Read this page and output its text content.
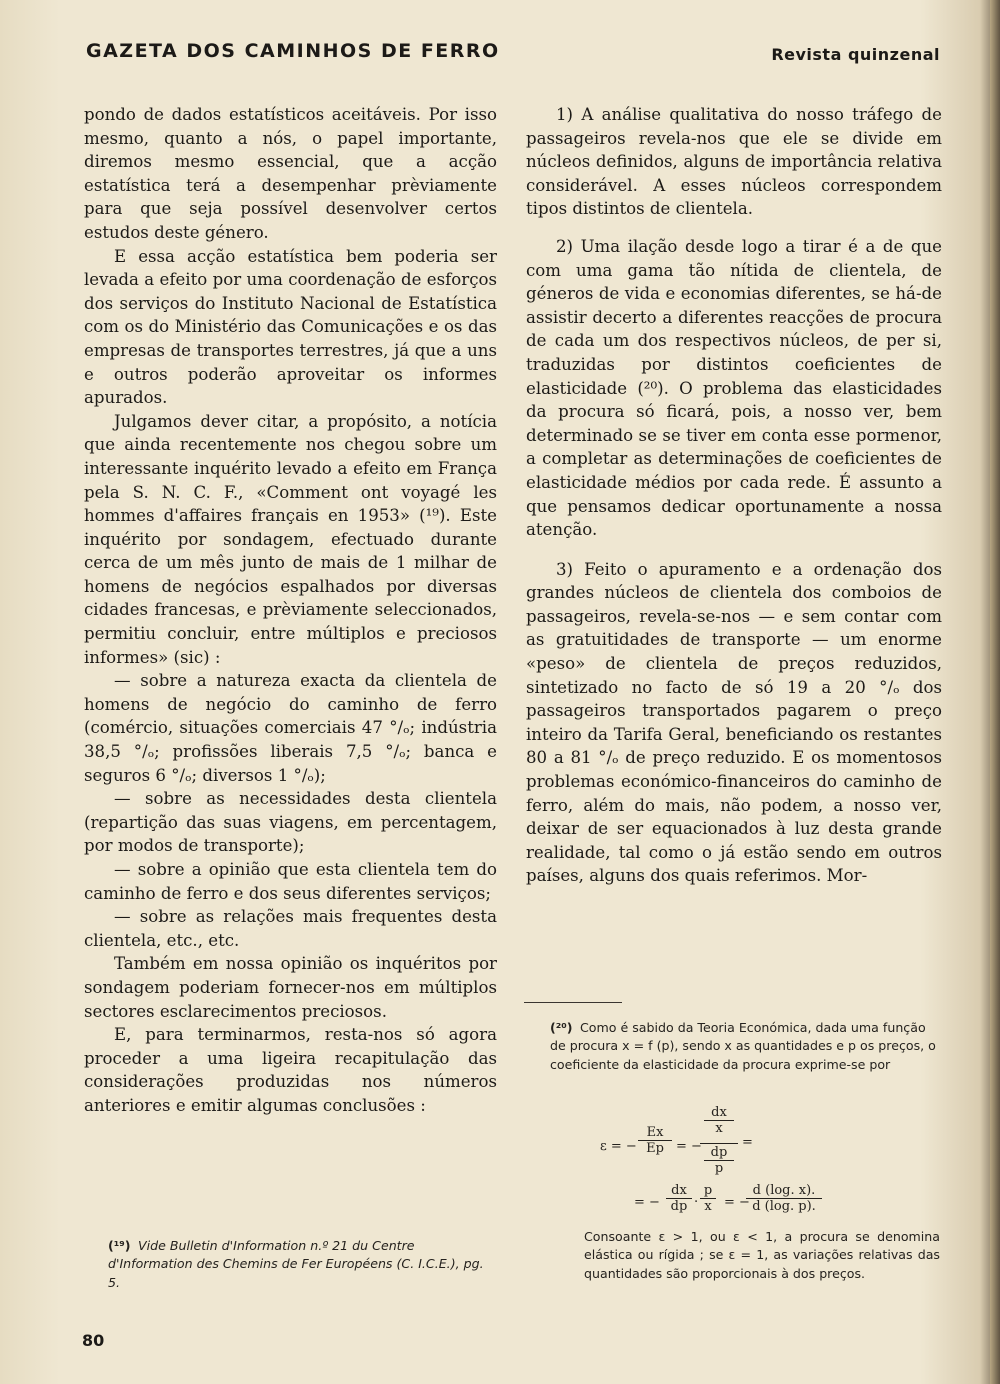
GAZETA DOS CAMINHOS DE FERRO	Revista quinzenal

pondo de dados estatísticos aceitáveis. Por isso mesmo, quanto a nós, o papel importante, diremos mesmo essencial, que a acção estatística terá a desempenhar prèviamente para que seja possível desenvolver certos estudos deste género.

E essa acção estatística bem poderia ser levada a efeito por uma coordenação de esforços dos serviços do Instituto Nacional de Estatística com os do Ministério das Comunicações e os das empresas de transportes terrestres, já que a uns e outros poderão aproveitar os informes apurados.

Julgamos dever citar, a propósito, a notícia que ainda recentemente nos chegou sobre um interessante inquérito levado a efeito em França pela S. N. C. F., «Comment ont voyagé les hommes d'affaires français en 1953» (¹⁹). Este inquérito por sondagem, efectuado durante cerca de um mês junto de mais de 1 milhar de homens de negócios espalhados por diversas cidades francesas, e prèviamente seleccionados, permitiu concluir, entre múltiplos e preciosos informes» (sic) :

— sobre a natureza exacta da clientela de homens de negócio do caminho de ferro (comércio, situações comerciais 47 °/ₒ; indústria 38,5 °/ₒ; profissões liberais 7,5 °/ₒ; banca e seguros 6 °/ₒ; diversos 1 °/ₒ);

— sobre as necessidades desta clientela (repartição das suas viagens, em percentagem, por modos de transporte);

— sobre a opinião que esta clientela tem do caminho de ferro e dos seus diferentes serviços;

— sobre as relações mais frequentes desta clientela, etc., etc.

Também em nossa opinião os inquéritos por sondagem poderiam fornecer-nos em múltiplos sectores esclarecimentos preciosos.

E, para terminarmos, resta-nos só agora proceder a uma ligeira recapitulação das considerações produzidas nos números anteriores e emitir algumas conclusões :

1) A análise qualitativa do nosso tráfego de passageiros revela-nos que ele se divide em núcleos definidos, alguns de importância relativa considerável. A esses núcleos correspondem tipos distintos de clientela.

2) Uma ilação desde logo a tirar é a de que com uma gama tão nítida de clientela, de géneros de vida e economias diferentes, se há-de assistir decerto a diferentes reacções de procura de cada um dos respectivos núcleos, de per si, traduzidas por distintos coeficientes de elasticidade (²⁰). O problema das elasticidades da procura só ficará, pois, a nosso ver, bem determinado se se tiver em conta esse pormenor, a completar as determinações de coeficientes de elasticidade médios por cada rede. É assunto a que pensamos dedicar oportunamente a nossa atenção.

3) Feito o apuramento e a ordenação dos grandes núcleos de clientela dos comboios de passageiros, revela-se-nos — e sem contar com as gratuitidades de transporte — um enorme «peso» de clientela de preços reduzidos, sintetizado no facto de só 19 a 20 °/ₒ dos passageiros transportados pagarem o preço inteiro da Tarifa Geral, beneficiando os restantes 80 a 81 °/ₒ de preço reduzido. E os momentosos problemas económico-financeiros do caminho de ferro, além do mais, não podem, a nosso ver, deixar de ser equacionados à luz desta grande realidade, tal como o já estão sendo em outros países, alguns dos quais referimos. Mor-

(¹⁹) Vide Bulletin d'Information n.º 21 du Centre d'Information des Chemins de Fer Européens (C. I.C.E.), pg. 5.
(²⁰) Como é sabido da Teoria Económica, dada uma função de procura x = f (p), sendo x as quantidades e p os preços, o coeficiente da elasticidade da procura exprime-se por
ε = − $\frac{Ex}{Ep}$ = −
$\frac{dx}{x}$
$\frac{dp}{p}$
=
= − $\frac{dx}{dp}$ . $\frac{p}{x}$ = −
$\frac{d (\log. x).}{d (\log. p).}$
Consoante ε > 1, ou ε < 1, a procura se denomina elástica ou rígida ; se ε = 1, as variações relativas das quantidades são proporcionais à dos preços.
80
